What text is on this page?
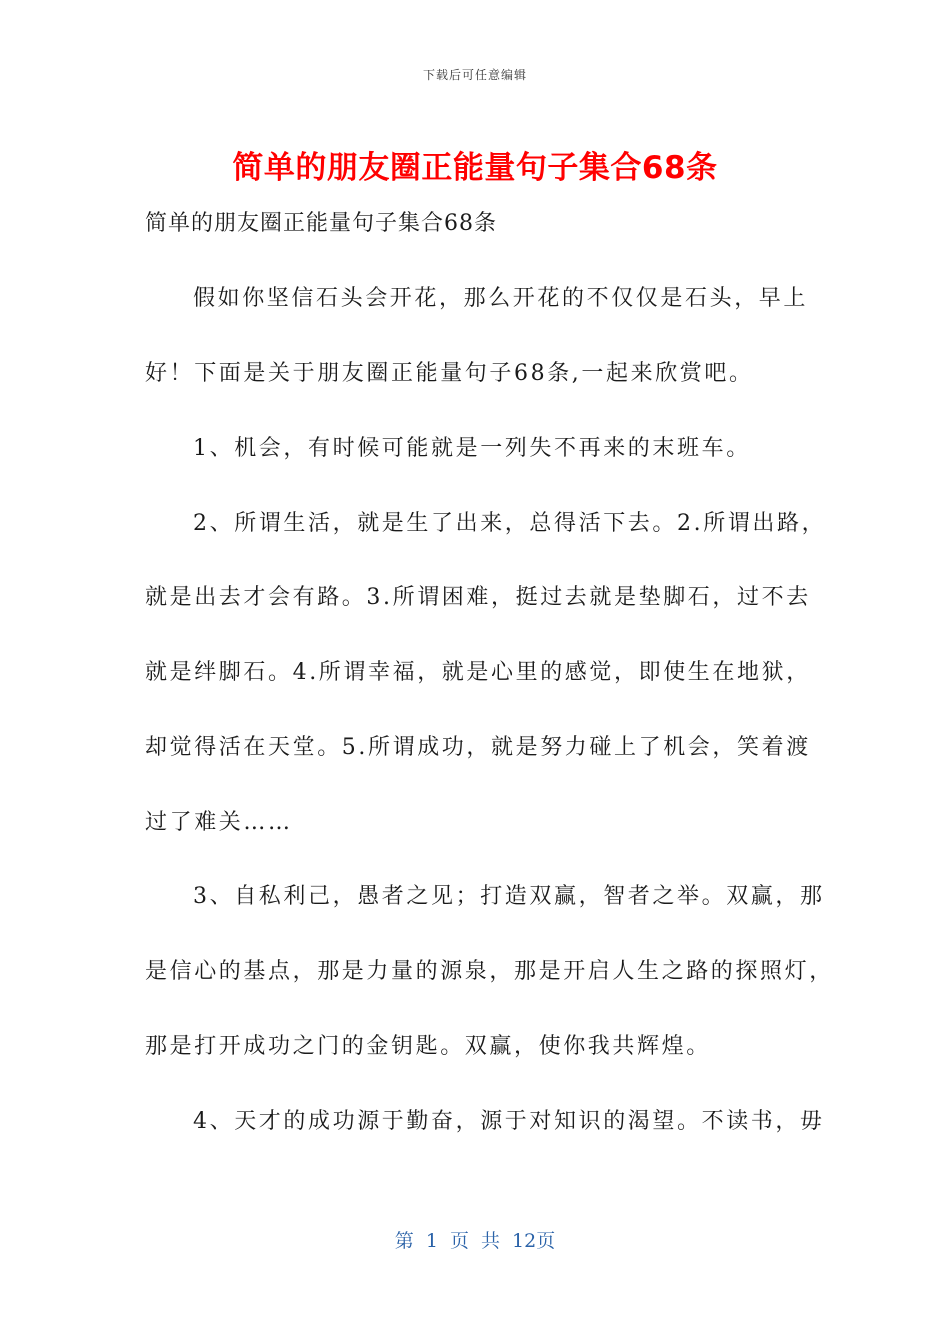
下载后可任意编辑
简单的朋友圈正能量句子集合68条
简单的朋友圈正能量句子集合68条
假如你坚信石头会开花，那么开花的不仅仅是石头，早上
好！下面是关于朋友圈正能量句子68条,一起来欣赏吧。
1、机会，有时候可能就是一列失不再来的末班车。
2、所谓生活，就是生了出来，总得活下去。2.所谓出路，
就是出去才会有路。3.所谓困难，挺过去就是垫脚石，过不去
就是绊脚石。4.所谓幸福，就是心里的感觉，即使生在地狱，
却觉得活在天堂。5.所谓成功，就是努力碰上了机会，笑着渡
过了难关……
3、自私利己，愚者之见；打造双赢，智者之举。双赢，那
是信心的基点，那是力量的源泉，那是开启人生之路的探照灯，
那是打开成功之门的金钥匙。双赢，使你我共辉煌。
4、天才的成功源于勤奋，源于对知识的渴望。不读书，毋
第 1 页 共 12页
